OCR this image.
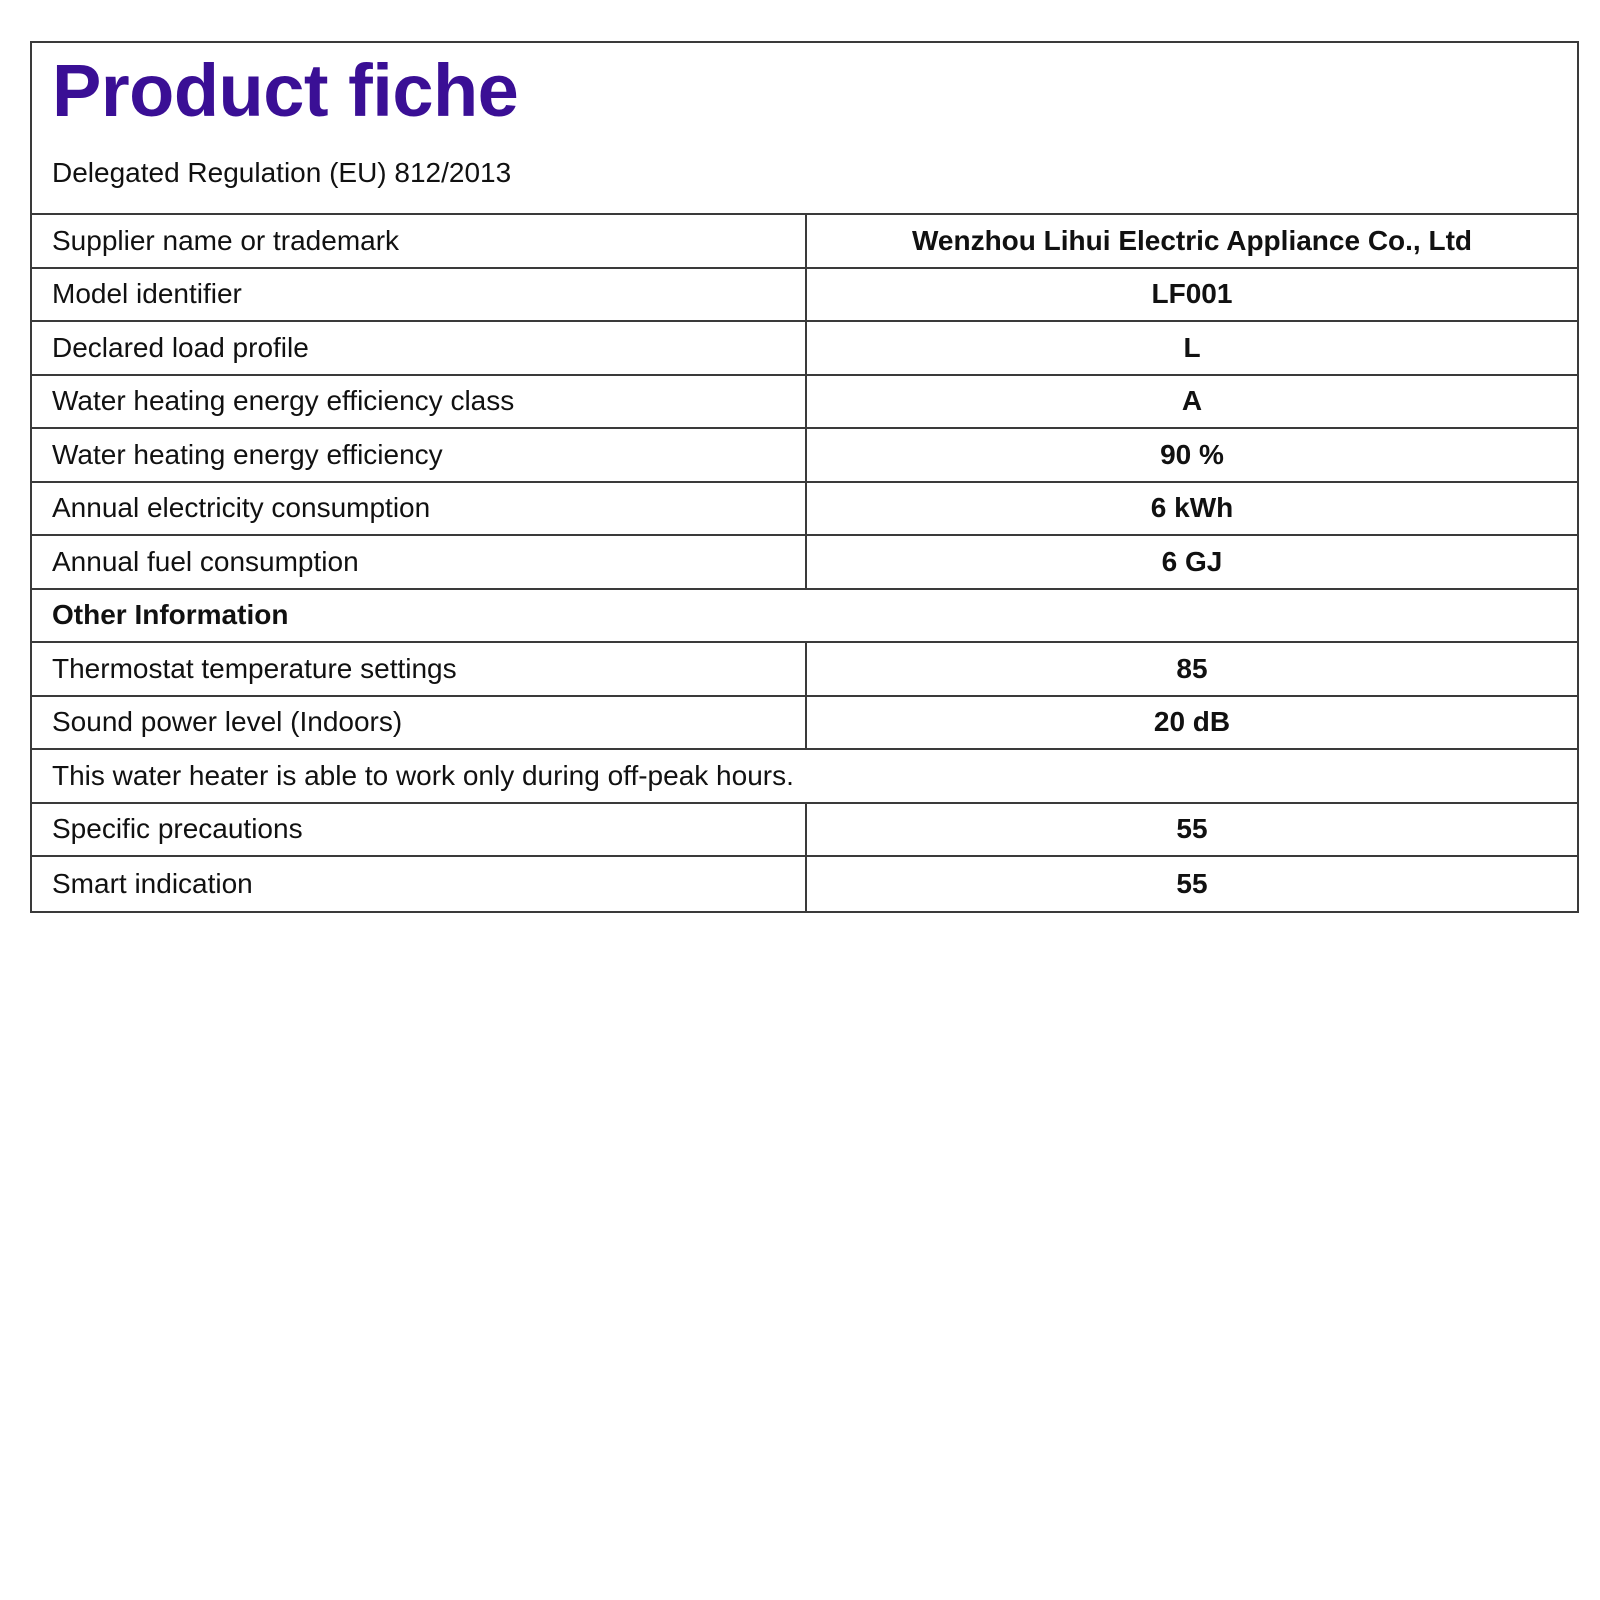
Product fiche

Delegated Regulation (EU) 812/2013

Supplier name or trademark	Wenzhou Lihui Electric Appliance Co., Ltd
Model identifier	LF001
Declared load profile	L
Water heating energy efficiency class	A
Water heating energy efficiency	90 %
Annual electricity consumption	6 kWh
Annual fuel consumption	6 GJ
Other Information
Thermostat temperature settings	85
Sound power level (Indoors)	20 dB
This water heater is able to work only during off-peak hours.
Specific precautions	55
Smart indication	55
